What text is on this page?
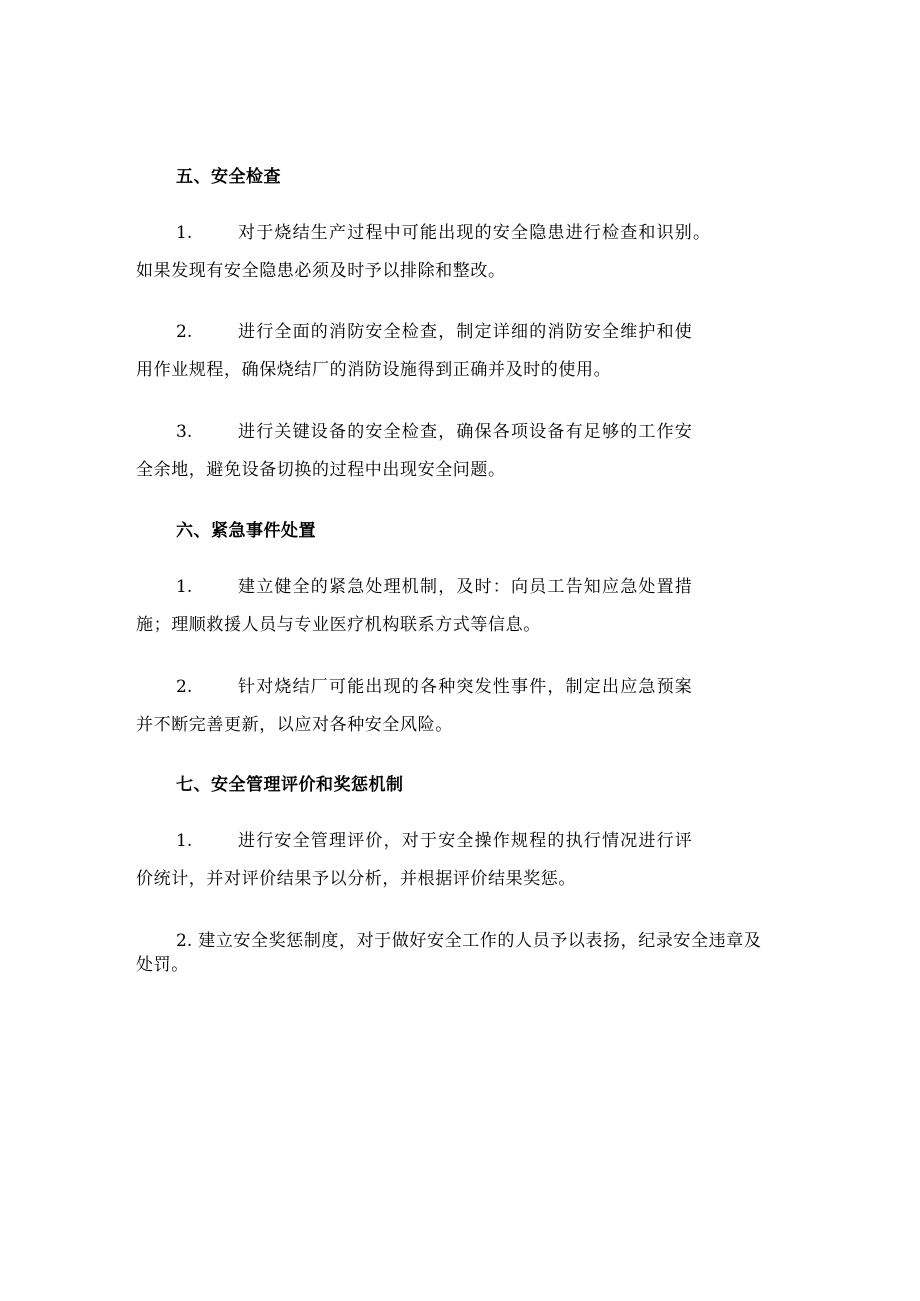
五、安全检查
1.	对于烧结生产过程中可能出现的安全隐患进行检查和识别。
如果发现有安全隐患必须及时予以排除和整改。
2.	进行全面的消防安全检查，制定详细的消防安全维护和使
用作业规程，确保烧结厂的消防设施得到正确并及时的使用。
3.	进行关键设备的安全检查，确保各项设备有足够的工作安
全余地，避免设备切换的过程中出现安全问题。
六、紧急事件处置
1.	建立健全的紧急处理机制，及时：向员工告知应急处置措
施；理顺救援人员与专业医疗机构联系方式等信息。
2.	针对烧结厂可能出现的各种突发性事件，制定出应急预案
并不断完善更新，以应对各种安全风险。
七、安全管理评价和奖惩机制
1.	进行安全管理评价，对于安全操作规程的执行情况进行评
价统计，并对评价结果予以分析，并根据评价结果奖惩。
2. 建立安全奖惩制度，对于做好安全工作的人员予以表扬，纪录安全违章及
处罚。
